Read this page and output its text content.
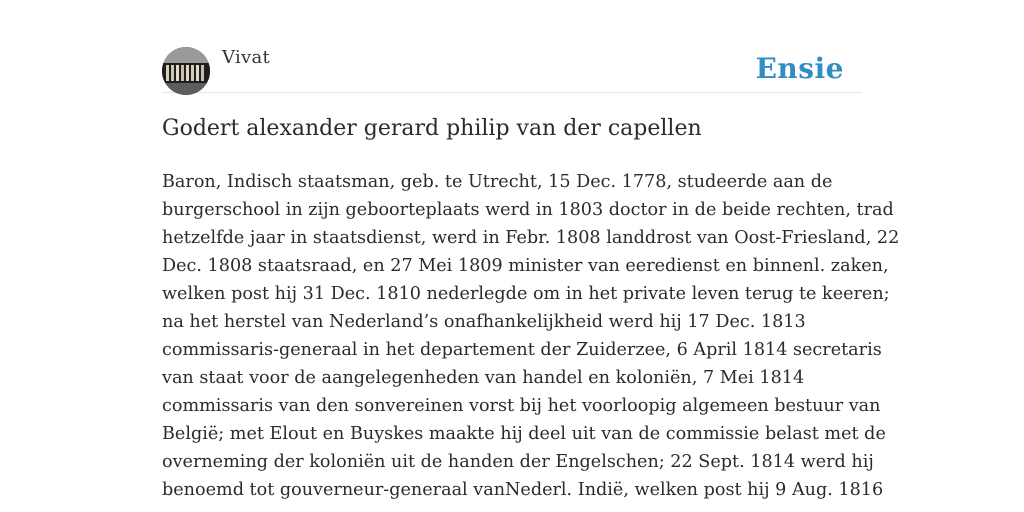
Vivat	Ensie
Godert alexander gerard philip van der capellen
Baron, Indisch staatsman, geb. te Utrecht, 15 Dec. 1778, studeerde aan de
burgerschool in zijn geboorteplaats werd in 1803 doctor in de beide rechten, trad
hetzelfde jaar in staatsdienst, werd in Febr. 1808 landdrost van Oost-Friesland, 22
Dec. 1808 staatsraad, en 27 Mei 1809 minister van eeredienst en binnenl. zaken,
welken post hij 31 Dec. 1810 nederlegde om in het private leven terug te keeren;
na het herstel van Nederland’s onafhankelijkheid werd hij 17 Dec. 1813
commissaris-generaal in het departement der Zuiderzee, 6 April 1814 secretaris
van staat voor de aangelegenheden van handel en koloniën, 7 Mei 1814
commissaris van den sonvereinen vorst bij het voorloopig algemeen bestuur van
België; met Elout en Buyskes maakte hij deel uit van de commissie belast met de
overneming der koloniën uit de handen der Engelschen; 22 Sept. 1814 werd hij
benoemd tot gouverneur-generaal vanNederl. Indië, welken post hij 9 Aug. 1816
